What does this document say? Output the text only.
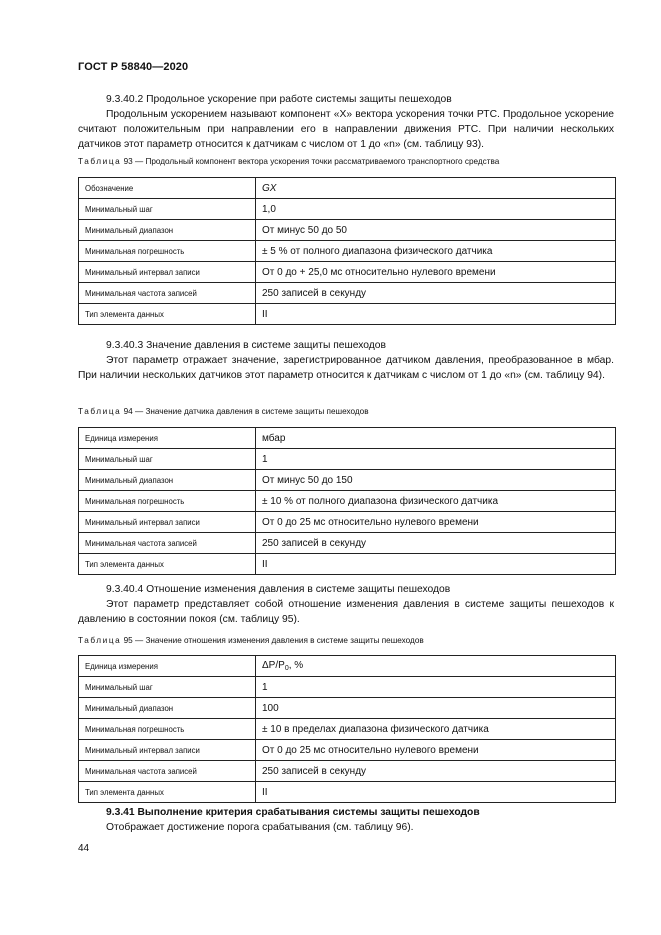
ГОСТ Р 58840—2020

9.3.40.2 Продольное ускорение при работе системы защиты пешеходов

Продольным ускорением называют компонент «Х» вектора ускорения точки РТС. Продольное ускорение считают положительным при направлении его в направлении движения РТС. При наличии нескольких датчиков этот параметр относится к датчикам с числом от 1 до «n» (см. таблицу 93).

Таблица 93 — Продольный компонент вектора ускорения точки рассматриваемого транспортного средства
Обозначение	GX
Минимальный шаг	1,0
Минимальный диапазон	От минус 50 до 50
Минимальная погрешность	± 5 % от полного диапазона физического датчика
Минимальный интервал записи	От 0 до + 25,0 мс относительно нулевого времени
Минимальная частота записей	250 записей в секунду
Тип элемента данных	II

9.3.40.3 Значение давления в системе защиты пешеходов

Этот параметр отражает значение, зарегистрированное датчиком давления, преобразованное в мбар. При наличии нескольких датчиков этот параметр относится к датчикам с числом от 1 до «n» (см. таблицу 94).

Таблица 94 — Значение датчика давления в системе защиты пешеходов
Единица измерения	мбар
Минимальный шаг	1
Минимальный диапазон	От минус 50 до 150
Минимальная погрешность	± 10 % от полного диапазона физического датчика
Минимальный интервал записи	От 0 до 25 мс относительно нулевого времени
Минимальная частота записей	250 записей в секунду
Тип элемента данных	II

9.3.40.4 Отношение изменения давления в системе защиты пешеходов

Этот параметр представляет собой отношение изменения давления в системе защиты пешеходов к давлению в состоянии покоя (см. таблицу 95).

Таблица 95 — Значение отношения изменения давления в системе защиты пешеходов
Единица измерения	$\Delta P/P_0$, %
Минимальный шаг	1
Минимальный диапазон	100
Минимальная погрешность	± 10 в пределах диапазона физического датчика
Минимальный интервал записи	От 0 до 25 мс относительно нулевого времени
Минимальная частота записей	250 записей в секунду
Тип элемента данных	II

9.3.41 Выполнение критерия срабатывания системы защиты пешеходов

Отображает достижение порога срабатывания (см. таблицу 96).

44
